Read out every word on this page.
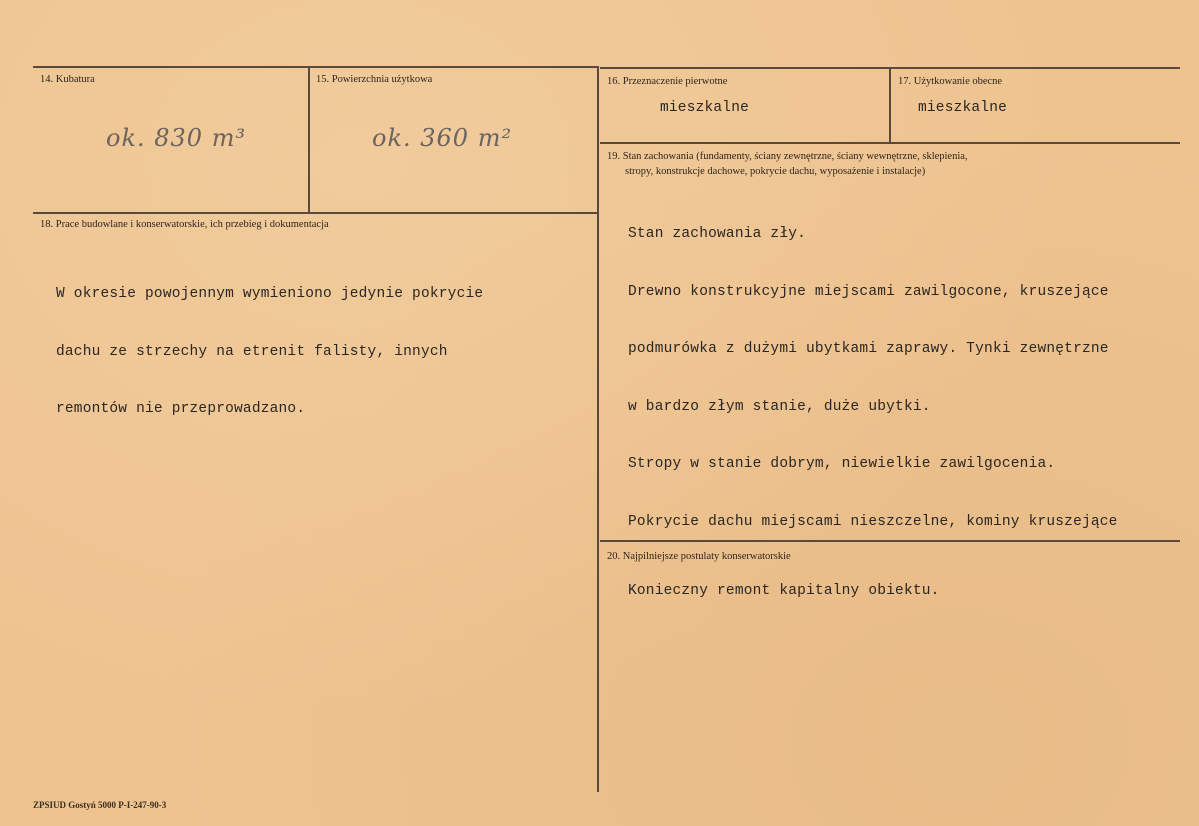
14. Kubatura
ok. 830 m³
15. Powierzchnia użytkowa
ok. 360 m²
16. Przeznaczenie pierwotne
mieszkalne
17. Użytkowanie obecne
mieszkalne
18. Prace budowlane i konserwatorskie, ich przebieg i dokumentacja

W okresie powojennym wymieniono jedynie pokrycie

dachu ze strzechy na etrenit falisty, innych

remontów nie przeprowadzano.

19. Stan zachowania (fundamenty, ściany zewnętrzne, ściany wewnętrzne, sklepienia,
stropy, konstrukcje dachowe, pokrycie dachu, wyposażenie i instalacje)

Stan zachowania zły.

Drewno konstrukcyjne miejscami zawilgocone, kruszejące

podmurówka z dużymi ubytkami zaprawy. Tynki zewnętrzne

w bardzo złym stanie, duże ubytki.

Stropy w stanie dobrym, niewielkie zawilgocenia.

Pokrycie dachu miejscami nieszczelne, kominy kruszejące

20. Najpilniejsze postulaty konserwatorskie
Konieczny remont kapitalny obiektu.
ZPSIUD Gostyń 5000 P-I-247-90-3
